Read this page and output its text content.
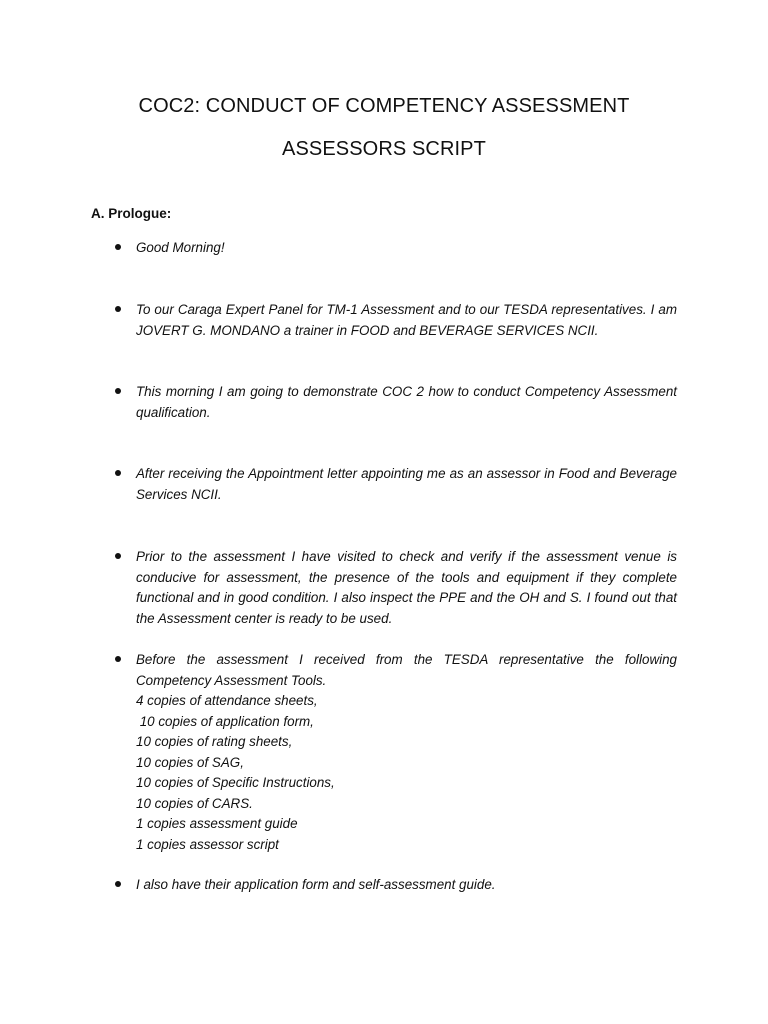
COC2: CONDUCT OF COMPETENCY ASSESSMENT
ASSESSORS SCRIPT
A. Prologue:
Good Morning!
To our Caraga Expert Panel for TM-1 Assessment and to our TESDA representatives. I am JOVERT G. MONDANO a trainer in FOOD and BEVERAGE SERVICES NCII.
This morning I am going to demonstrate COC 2 how to conduct Competency Assessment qualification.
After receiving the Appointment letter appointing me as an assessor in Food and Beverage Services NCII.
Prior to the assessment I have visited to check and verify if the assessment venue is conducive for assessment, the presence of the tools and equipment if they complete functional and in good condition. I also inspect the PPE and the OH and S. I found out that the Assessment center is ready to be used.
Before the assessment I received from the TESDA representative the following Competency Assessment Tools.
4 copies of attendance sheets,
10 copies of application form,
10 copies of rating sheets,
10 copies of SAG,
10 copies of Specific Instructions,
10 copies of CARS.
1 copies assessment guide
1 copies assessor script
I also have their application form and self-assessment guide.
